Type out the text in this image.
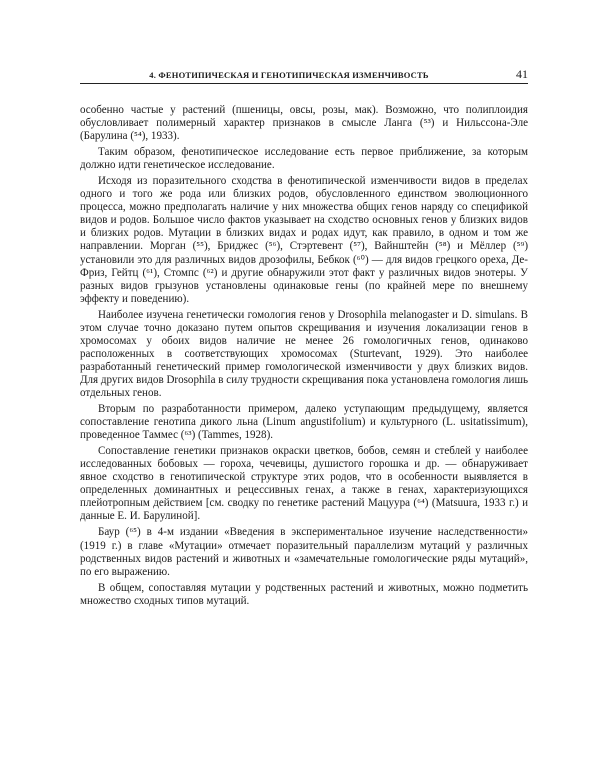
4. ФЕНОТИПИЧЕСКАЯ И ГЕНОТИПИЧЕСКАЯ ИЗМЕНЧИВОСТЬ	41

особенно частые у растений (пшеницы, овсы, розы, мак). Возможно, что полиплоидия обусловливает полимерный характер признаков в смысле Ланга (⁵³) и Нильссона-Эле (Барулина (⁵⁴), 1933).

Таким образом, фенотипическое исследование есть первое приближение, за которым должно идти генетическое исследование.

Исходя из поразительного сходства в фенотипической изменчивости видов в пределах одного и того же рода или близких родов, обусловленного единством эволюционного процесса, можно предполагать наличие у них множества общих генов наряду со спецификой видов и родов. Большое число фактов указывает на сходство основных генов у близких видов и близких родов. Мутации в близких видах и родах идут, как правило, в одном и том же направлении. Морган (⁵⁵), Бриджес (⁵⁶), Стэртевент (⁵⁷), Вайнштейн (⁵⁸) и Мёллер (⁵⁹) установили это для различных видов дрозофилы, Бебкок (⁶⁰) — для видов грецкого ореха, Де-Фриз, Гейтц (⁶¹), Стомпс (⁶²) и другие обнаружили этот факт у различных видов энотеры. У разных видов грызунов установлены одинаковые гены (по крайней мере по внешнему эффекту и поведению).

Наиболее изучена генетически гомология генов у Drosophila melanogaster и D. simulans. В этом случае точно доказано путем опытов скрещивания и изучения локализации генов в хромосомах у обоих видов наличие не менее 26 гомологичных генов, одинаково расположенных в соответствующих хромосомах (Sturtevant, 1929). Это наиболее разработанный генетический пример гомологической изменчивости у двух близких видов. Для других видов Drosophila в силу трудности скрещивания пока установлена гомология лишь отдельных генов.

Вторым по разработанности примером, далеко уступающим предыдущему, является сопоставление генотипа дикого льна (Linum angustifolium) и культурного (L. usitatissimum), проведенное Таммес (⁶³) (Tammes, 1928).

Сопоставление генетики признаков окраски цветков, бобов, семян и стеблей у наиболее исследованных бобовых — гороха, чечевицы, душистого горошка и др. — обнаруживает явное сходство в генотипической структуре этих родов, что в особенности выявляется в определенных доминантных и рецессивных генах, а также в генах, характеризующихся плейотропным действием [см. сводку по генетике растений Мацуура (⁶⁴) (Matsuura, 1933 г.) и данные Е. И. Барулиной].

Баур (⁶⁵) в 4-м издании «Введения в экспериментальное изучение наследственности» (1919 г.) в главе «Мутации» отмечает поразительный параллелизм мутаций у различных родственных видов растений и животных и «замечательные гомологические ряды мутаций», по его выражению.

В общем, сопоставляя мутации у родственных растений и животных, можно подметить множество сходных типов мутаций.
